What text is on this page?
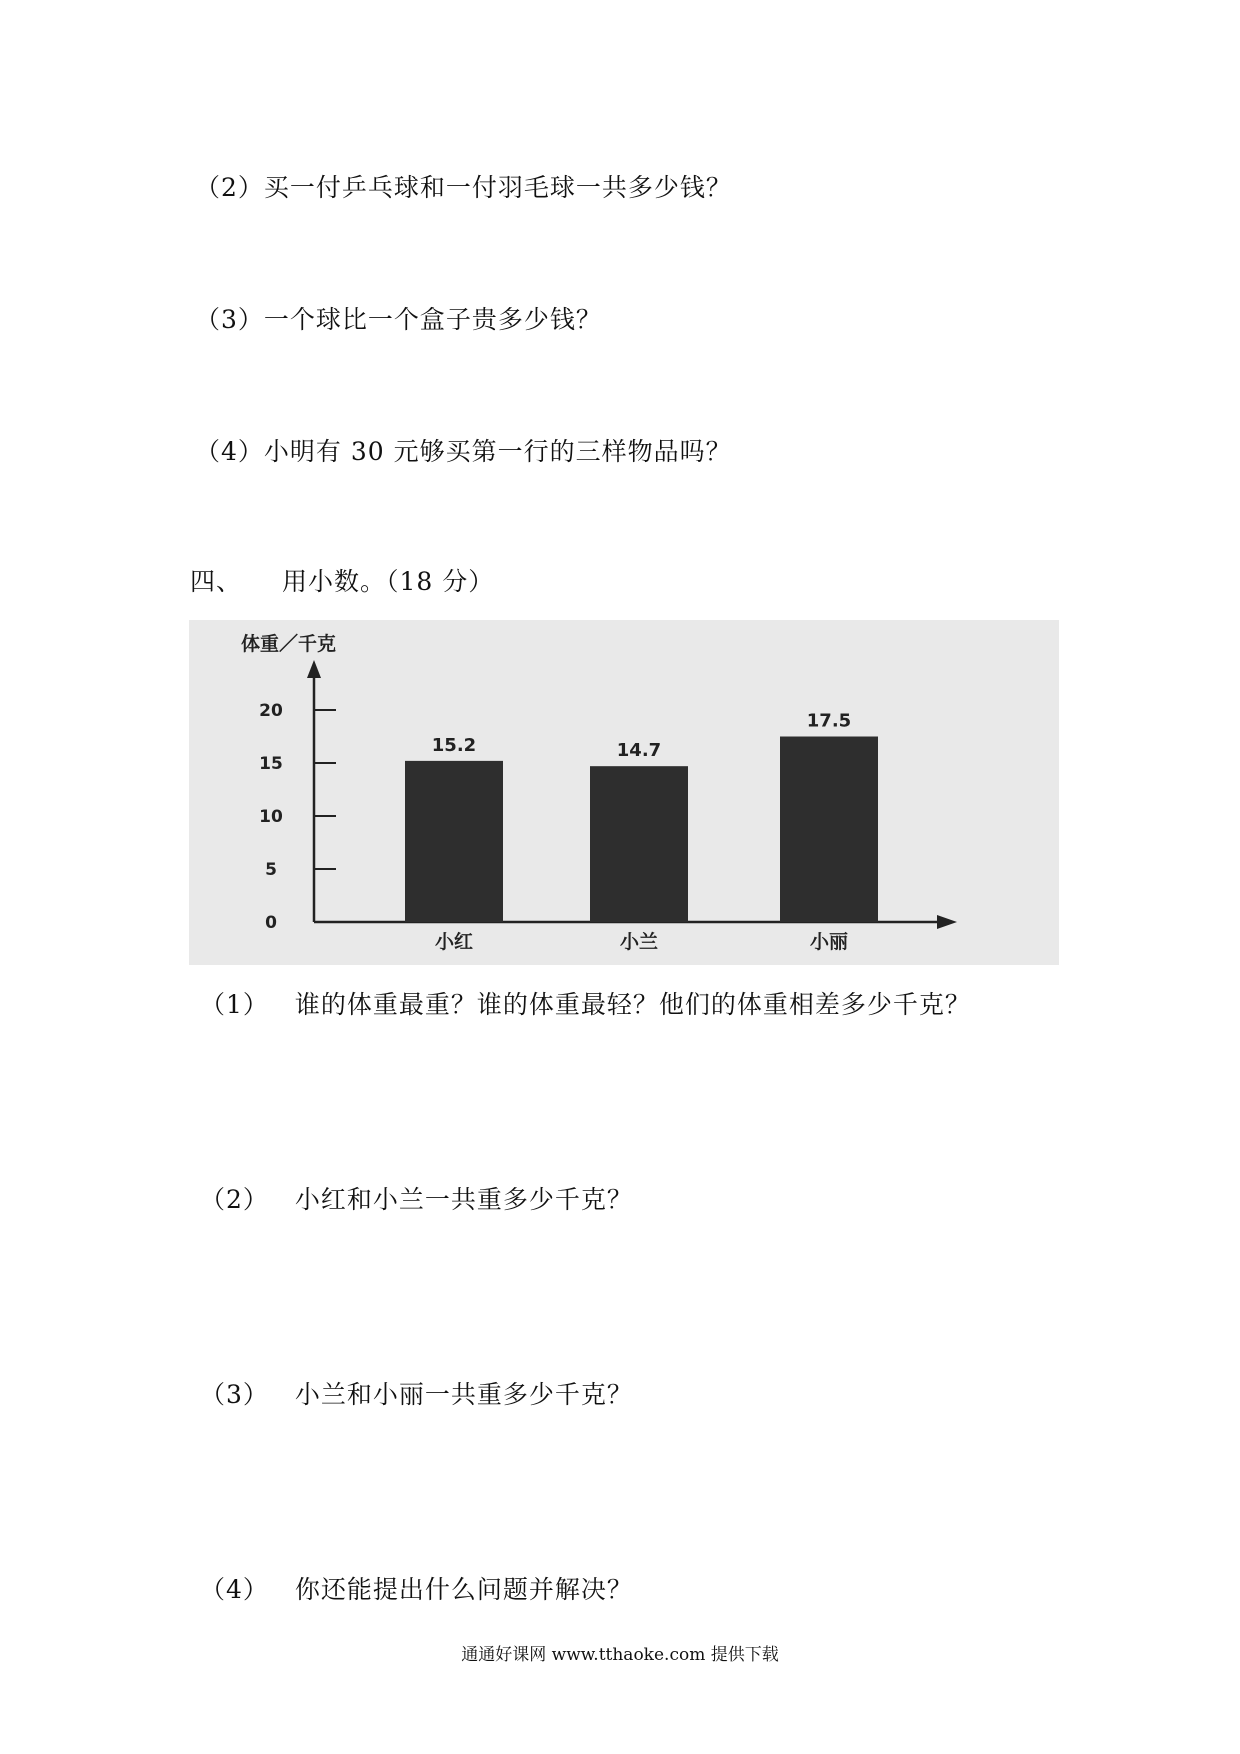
（2）买一付乒乓球和一付羽毛球一共多少钱？
（3）一个球比一个盒子贵多少钱？
（4）小明有 30 元够买第一行的三样物品吗？
四、 用小数。（18 分）
体重／千克
0
5
10
15
20
15.2
小红
14.7
小兰
17.5
小丽
（1） 谁的体重最重？谁的体重最轻？他们的体重相差多少千克？
（2） 小红和小兰一共重多少千克？
（3） 小兰和小丽一共重多少千克？
（4） 你还能提出什么问题并解决？
通通好课网 www.tthaoke.com 提供下载
